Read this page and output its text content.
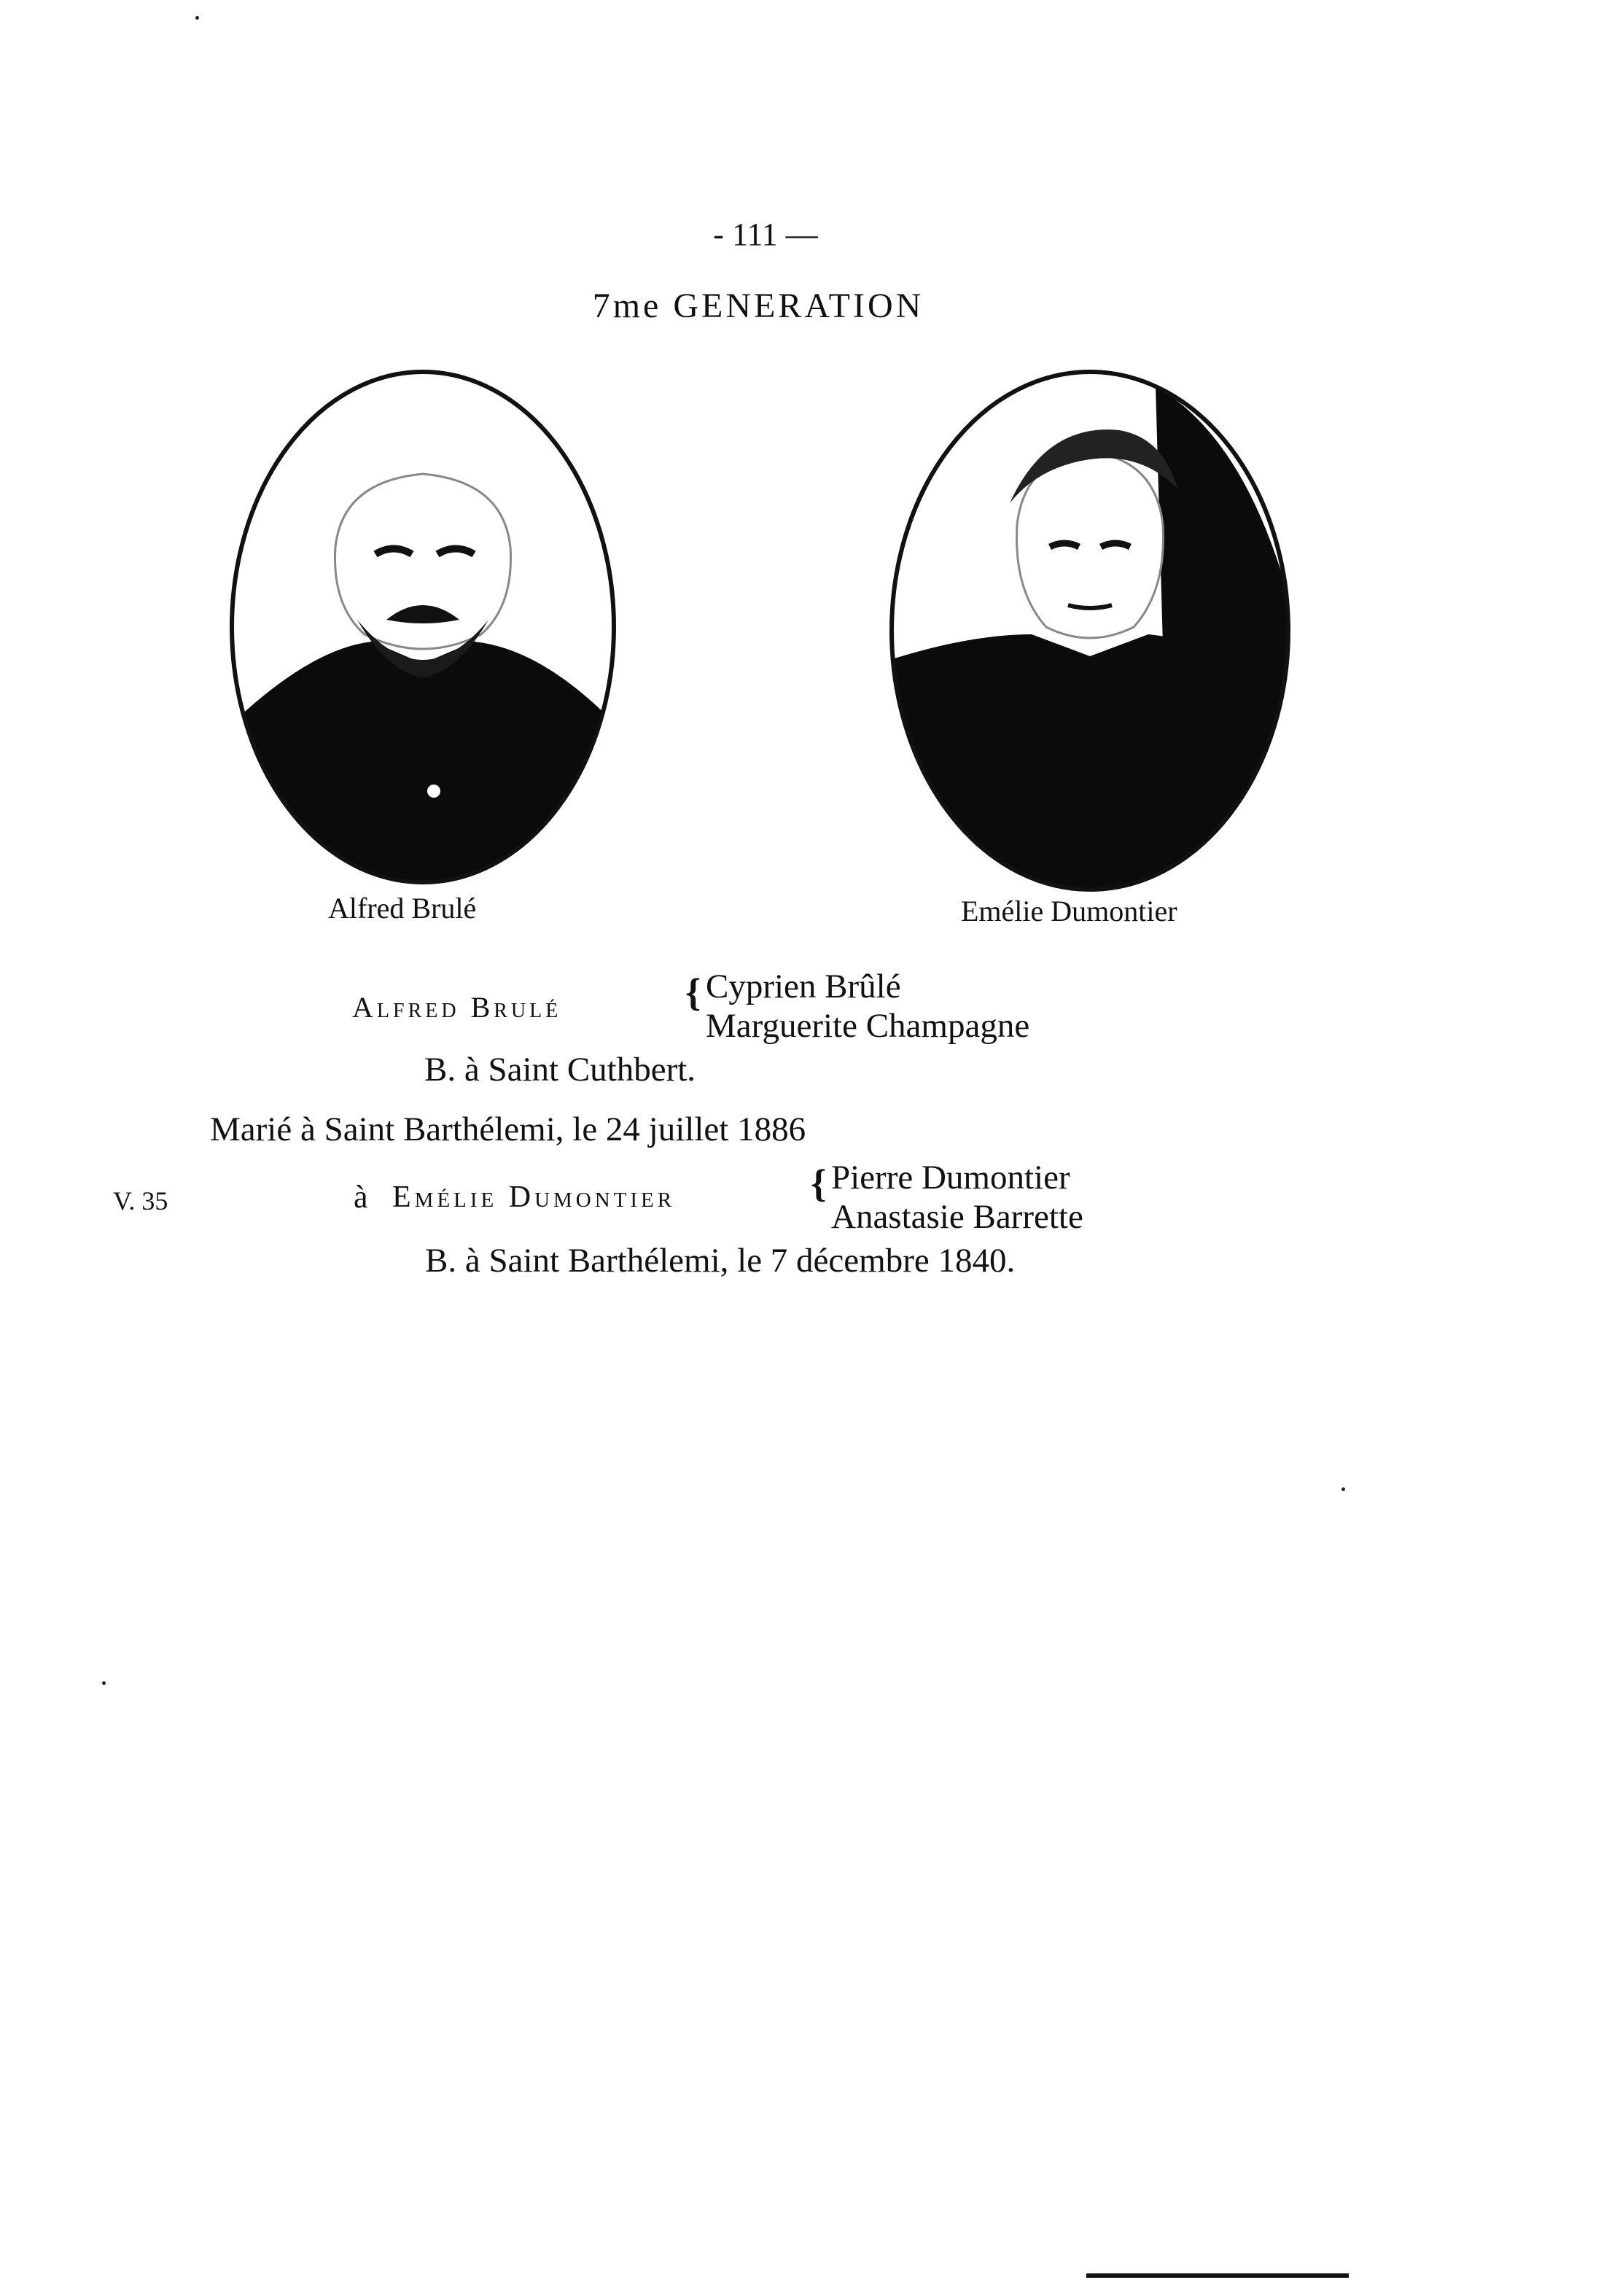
- 111 —
7me GENERATION
Alfred Brulé	Emélie Dumontier
Alfred Brulé	{ Cyprien Brûlé
Marguerite Champagne
B. à Saint Cuthbert.
Marié à Saint Barthélemi, le 24 juillet 1886
V. 35	à Emélie Dumontier	{ Pierre Dumontier
Anastasie Barrette
B. à Saint Barthélemi, le 7 décembre 1840.
